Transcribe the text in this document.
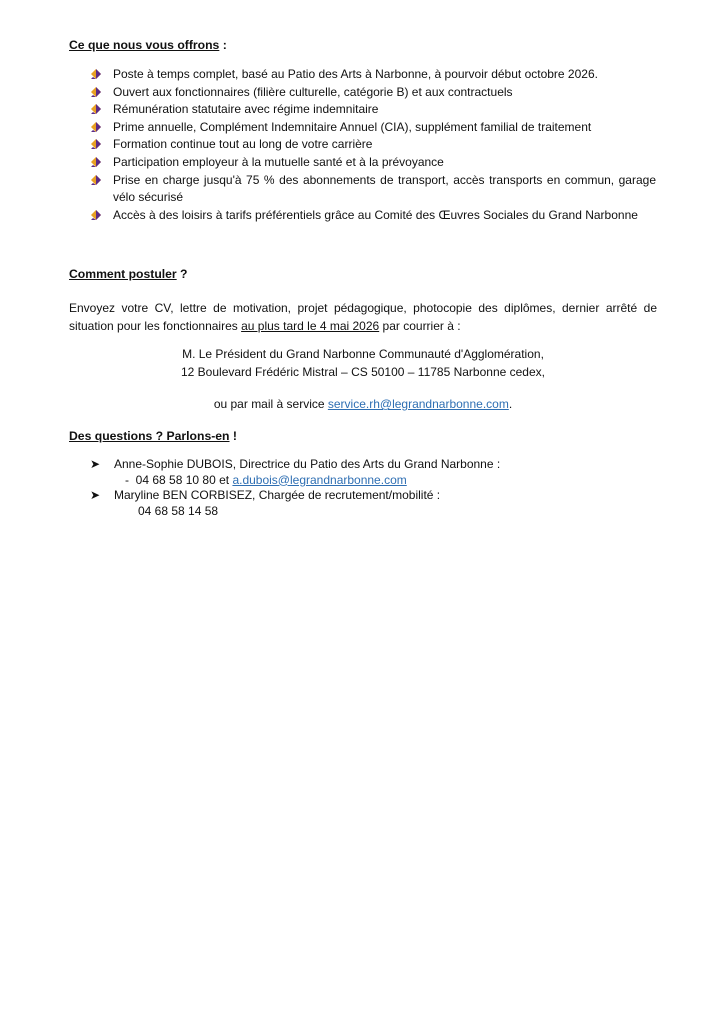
Ce que nous vous offrons :
Poste à temps complet, basé au Patio des Arts à Narbonne, à pourvoir début octobre 2026.
Ouvert aux fonctionnaires (filière culturelle, catégorie B) et aux contractuels
Rémunération statutaire avec régime indemnitaire
Prime annuelle, Complément Indemnitaire Annuel (CIA), supplément familial de traitement
Formation continue tout au long de votre carrière
Participation employeur à la mutuelle santé et à la prévoyance
Prise en charge jusqu'à 75 % des abonnements de transport, accès transports en commun, garage vélo sécurisé
Accès à des loisirs à tarifs préférentiels grâce au Comité des Œuvres Sociales du Grand Narbonne
Comment postuler ?
Envoyez votre CV, lettre de motivation, projet pédagogique, photocopie des diplômes, dernier arrêté de situation pour les fonctionnaires au plus tard le 4 mai 2026 par courrier à :
M. Le Président du Grand Narbonne Communauté d'Agglomération,
12 Boulevard Frédéric Mistral – CS 50100 – 11785 Narbonne cedex,
ou par mail à service service.rh@legrandnarbonne.com.
Des questions ? Parlons-en !
➤ Anne-Sophie DUBOIS, Directrice du Patio des Arts du Grand Narbonne :
- 04 68 58 10 80 et a.dubois@legrandnarbonne.com
➤ Maryline BEN CORBISEZ, Chargée de recrutement/mobilité :
04 68 58 14 58
